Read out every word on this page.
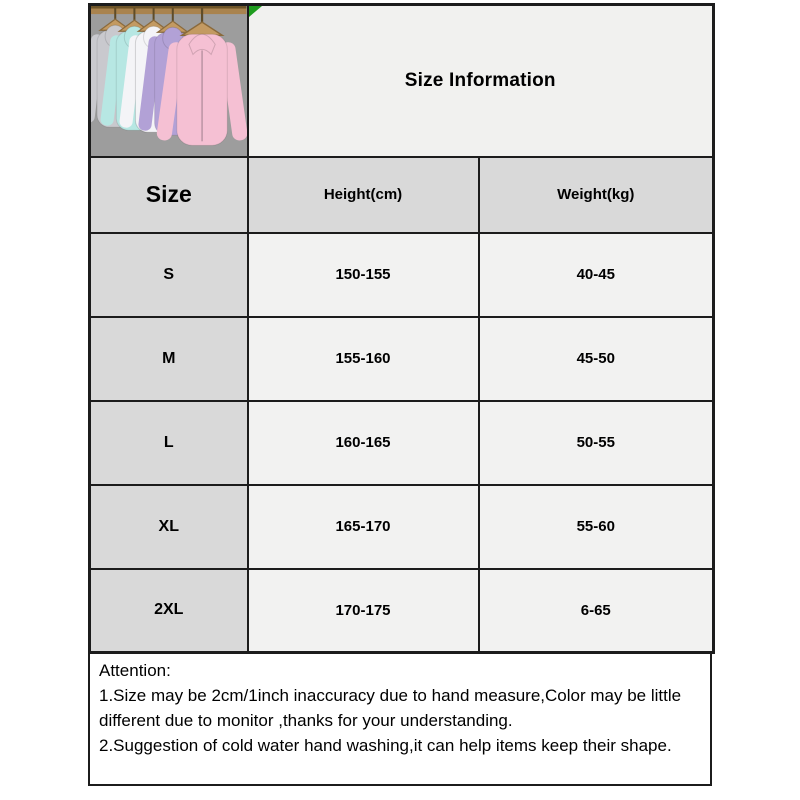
Size Information	
Size	Height(cm)	Weight(kg)
S	150-155	40-45
M	155-160	45-50
L	160-165	50-55
XL	165-170	55-60
2XL	170-175	6-65

Attention:

1.Size may be 2cm/1inch inaccuracy due to hand measure,Color may be little different due to monitor ,thanks for your understanding.

2.Suggestion of cold water hand washing,it can help items keep their shape.
